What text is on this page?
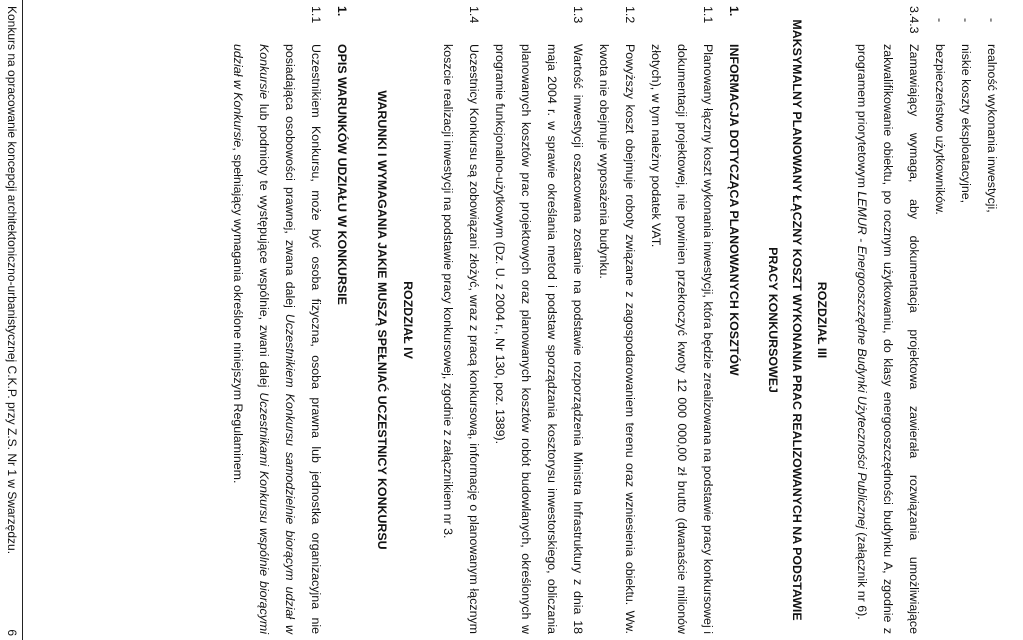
-
realność wykonania inwestycji,
-
niskie koszty eksploatacyjne,
-
bezpieczeństwo użytkowników.
3.4.3
Zamawiający wymaga, aby dokumentacja projektowa zawierała rozwiązania umożliwiające zakwalifikowanie obiektu, po rocznym użytkowaniu, do klasy energooszczędności budynku A, zgodnie z programem priorytetowym LEMUR - Energooszczędne Budynki Użyteczności Publicznej (załącznik nr 6).
ROZDZIAŁ III
MAKSYMALNY PLANOWANY ŁĄCZNY KOSZT WYKONANIA PRAC REALIZOWANYCH NA PODSTAWIE PRACY KONKURSOWEJ
1.
INFORMACJA DOTYCZĄCA PLANOWANYCH KOSZTÓW
1.1
Planowany łączny koszt wykonania inwestycji, która będzie zrealizowana na podstawie pracy konkursowej i dokumentacji projektowej, nie powinien przekroczyć kwoty 12 000 000,00 zł brutto (dwanaście milionów złotych), w tym należny podatek VAT.
1.2
Powyższy koszt obejmuje roboty związane z zagospodarowaniem terenu oraz wzniesienia obiektu. Ww. kwota nie obejmuje wyposażenia budynku.
1.3
Wartość inwestycji oszacowana zostanie na podstawie rozporządzenia Ministra Infrastruktury z dnia 18 maja 2004 r. w sprawie określania metod i podstaw sporządzania kosztorysu inwestorskiego, obliczania planowanych kosztów prac projektowych oraz planowanych kosztów robót budowlanych, określonych w programie funkcjonalno-użytkowym (Dz. U. z 2004 r., Nr 130, poz. 1389).
1.4
Uczestnicy Konkursu są zobowiązani złożyć, wraz z pracą konkursową, informację o planowanym łącznym koszcie realizacji inwestycji na podstawie pracy konkursowej, zgodnie z załącznikiem nr 3.
ROZDZIAŁ IV
WARUNKI I WYMAGANIA JAKIE MUSZĄ SPEŁNIAĆ UCZESTNICY KONKURSU
1.
OPIS WARUNKÓW UDZIAŁU W KONKURSIE
1.1
Uczestnikiem Konkursu, może być osoba fizyczna, osoba prawna lub jednostka organizacyjna nie posiadająca osobowości prawnej, zwana dalej Uczestnikiem Konkursu samodzielnie biorącym udział w Konkursie lub podmioty te występujące wspólnie, zwani dalej Uczestnikami Konkursu wspólnie biorącymi udział w Konkursie, spełniający wymagania określone niniejszym Regulaminem.
Konkurs na opracowanie koncepcji architektoniczno-urbanistycznej C.K.P. przy Z.S. Nr 1 w Swarzędzu.
6
